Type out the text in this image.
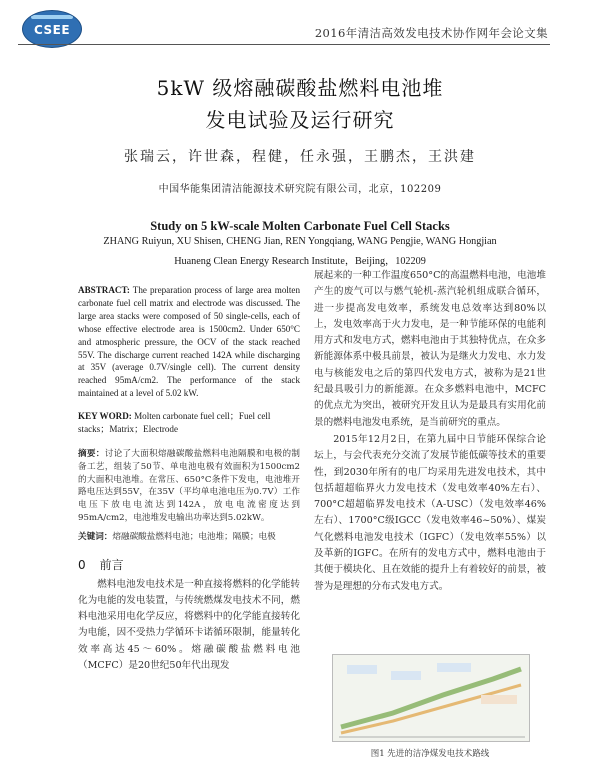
CSEE	2016年清洁高效发电技术协作网年会论文集
5kW 级熔融碳酸盐燃料电池堆
发电试验及运行研究
张瑞云，许世森，程健，任永强，王鹏杰，王洪建
中国华能集团清洁能源技术研究院有限公司，北京，102209
Study on 5 kW-scale Molten Carbonate Fuel Cell Stacks
ZHANG Ruiyun, XU Shisen, CHENG Jian, REN Yongqiang, WANG Pengjie, WANG Hongjian
Huaneng Clean Energy Research Institute，Beijing，102209

ABSTRACT: The preparation process of large area molten carbonate fuel cell matrix and electrode was discussed. The large area stacks were composed of 50 single-cells, each of whose effective electrode area is 1500cm2. Under 650°C and atmospheric pressure, the OCV of the stack reached 55V. The discharge current reached 142A while discharging at 35V (average 0.7V/single cell). The current density reached 95mA/cm2. The performance of the stack maintained at a level of 5.02 kW.

KEY WORD: Molten carbonate fuel cell；Fuel cell stacks；Matrix；Electrode

摘要：讨论了大面积熔融碳酸盐燃料电池隔膜和电极的制备工艺，组装了50节、单电池电极有效面积为1500cm2的大面积电池堆。在常压、650°C条件下发电，电池堆开路电压达到55V，在35V（平均单电池电压为0.7V）工作电压下放电电流达到142A，放电电流密度达到95mA/cm2，电池堆发电输出功率达到5.02kW。

关键词：熔融碳酸盐燃料电池；电池堆；隔膜；电极

0 前言

燃料电池发电技术是一种直接将燃料的化学能转化为电能的发电装置，与传统燃煤发电技术不同，燃料电池采用电化学反应，将燃料中的化学能直接转化为电能，因不受热力学循环卡诺循环限制，能量转化效率高达45～60%。熔融碳酸盐燃料电池（MCFC）是20世纪50年代出现发

展起来的一种工作温度650°C的高温燃料电池，电池堆产生的废气可以与燃气轮机-蒸汽轮机组成联合循环，进一步提高发电效率，系统发电总效率达到80%以上，发电效率高于火力发电，是一种节能环保的电能利用方式和发电方式，燃料电池由于其独特优点，在众多新能源体系中极具前景，被认为是继火力发电、水力发电与核能发电之后的第四代发电方式，被称为是21世纪最具吸引力的新能源。在众多燃料电池中，MCFC的优点尤为突出，被研究开发且认为是最具有实用化前景的燃料电池发电系统，是当前研究的重点。

2015年12月2日，在第九届中日节能环保综合论坛上，与会代表充分交流了发展节能低碳等技术的重要性，到2030年所有的电厂均采用先进发电技术，其中包括超超临界火力发电技术（发电效率40%左右）、700°C超超临界发电技术（A-USC）（发电效率46%左右）、1700°C级IGCC（发电效率46~50%）、煤炭气化燃料电池发电技术（IGFC）（发电效率55%）以及革新的IGFC。在所有的发电方式中，燃料电池由于其便于模块化、且在效能的提升上有着较好的前景，被誉为是理想的分布式发电方式。

图1 先进的洁净煤发电技术路线
